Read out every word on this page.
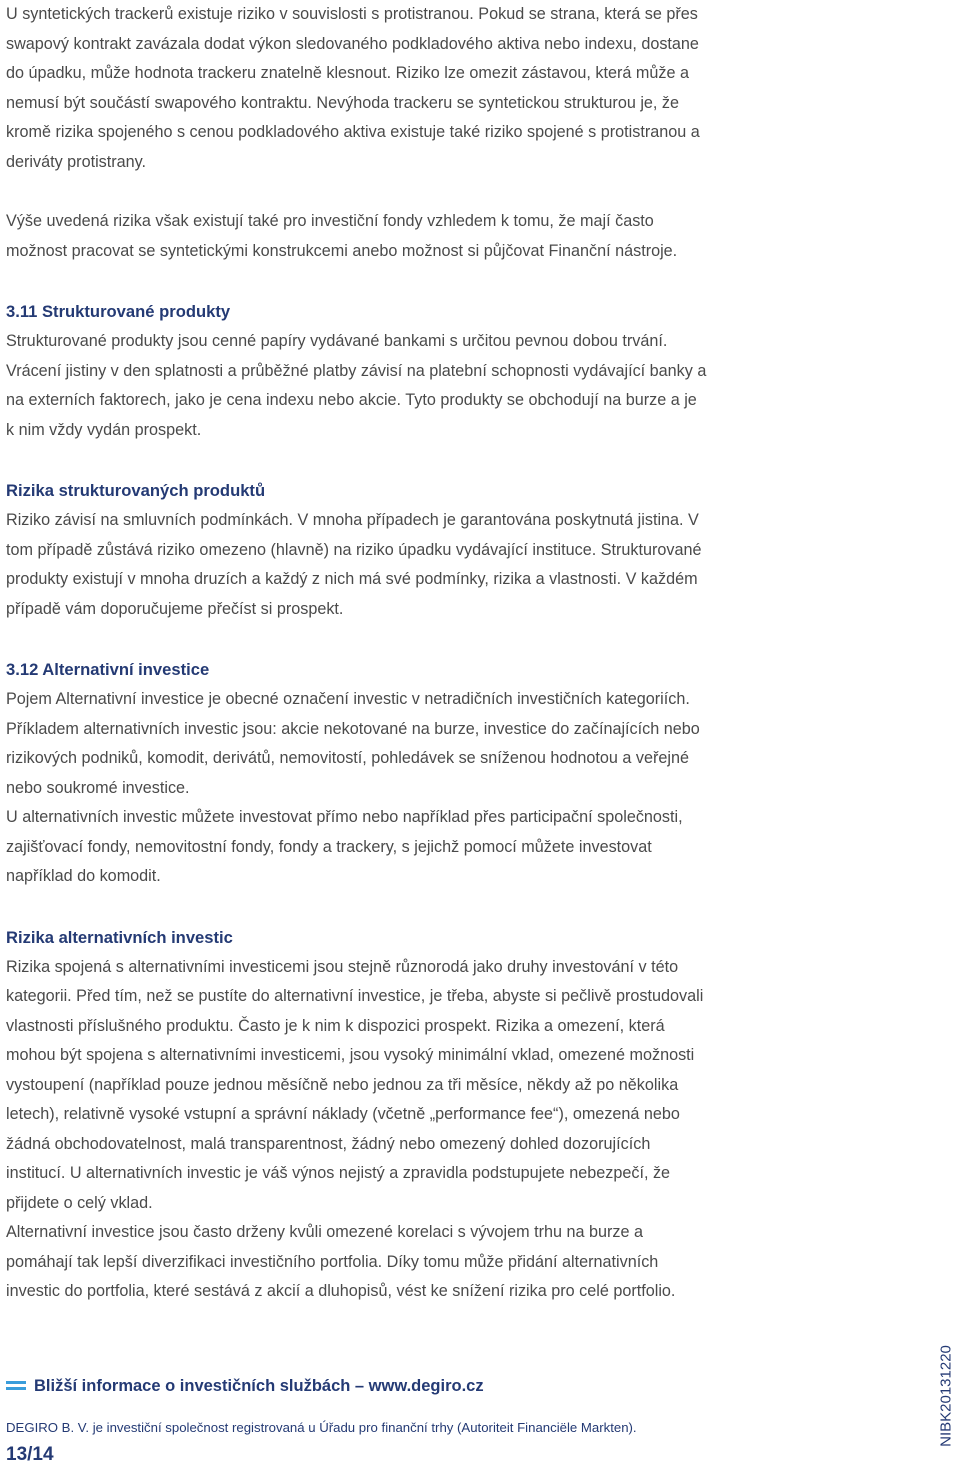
U syntetických trackerů existuje riziko v souvislosti s protistranou. Pokud se strana, která se přes
swapový kontrakt zavázala dodat výkon sledovaného podkladového aktiva nebo indexu, dostane
do úpadku, může hodnota trackeru znatelně klesnout. Riziko lze omezit zástavou, která může a
nemusí být součástí swapového kontraktu. Nevýhoda trackeru se syntetickou strukturou je, že
kromě rizika spojeného s cenou podkladového aktiva existuje také riziko spojené s protistranou a
deriváty protistrany.
Výše uvedená rizika však existují také pro investiční fondy vzhledem k tomu, že mají často
možnost pracovat se syntetickými konstrukcemi anebo možnost si půjčovat Finanční nástroje.
3.11 Strukturované produkty
Strukturované produkty jsou cenné papíry vydávané bankami s určitou pevnou dobou trvání.
Vrácení jistiny v den splatnosti a průběžné platby závisí na platební schopnosti vydávající banky a
na externích faktorech, jako je cena indexu nebo akcie. Tyto produkty se obchodují na burze a je
k nim vždy vydán prospekt.
Rizika strukturovaných produktů
Riziko závisí na smluvních podmínkách. V mnoha případech je garantována poskytnutá jistina. V
tom případě zůstává riziko omezeno (hlavně) na riziko úpadku vydávající instituce. Strukturované
produkty existují v mnoha druzích a každý z nich má své podmínky, rizika a vlastnosti. V každém
případě vám doporučujeme přečíst si prospekt.
3.12 Alternativní investice
Pojem Alternativní investice je obecné označení investic v netradičních investičních kategoriích.
Příkladem alternativních investic jsou: akcie nekotované na burze, investice do začínajících nebo
rizikových podniků, komodit, derivátů, nemovitostí, pohledávek se sníženou hodnotou a veřejné
nebo soukromé investice.
U alternativních investic můžete investovat přímo nebo například přes participační společnosti,
zajišťovací fondy, nemovitostní fondy, fondy a trackery, s jejichž pomocí můžete investovat
například do komodit.
Rizika alternativních investic
Rizika spojená s alternativními investicemi jsou stejně různorodá jako druhy investování v této
kategorii. Před tím, než se pustíte do alternativní investice, je třeba, abyste si pečlivě prostudovali
vlastnosti příslušného produktu. Často je k nim k dispozici prospekt. Rizika a omezení, která
mohou být spojena s alternativními investicemi, jsou vysoký minimální vklad, omezené možnosti
vystoupení (například pouze jednou měsíčně nebo jednou za tři měsíce, někdy až po několika
letech), relativně vysoké vstupní a správní náklady (včetně „performance fee“), omezená nebo
žádná obchodovatelnost, malá transparentnost, žádný nebo omezený dohled dozorujících
institucí. U alternativních investic je váš výnos nejistý a zpravidla podstupujete nebezpečí, že
přijdete o celý vklad.
Alternativní investice jsou často drženy kvůli omezené korelaci s vývojem trhu na burze a
pomáhají tak lepší diverzifikaci investičního portfolia. Díky tomu může přidání alternativních
investic do portfolia, které sestává z akcií a dluhopisů, vést ke snížení rizika pro celé portfolio.
Bližší informace o investičních službách – www.degiro.cz
DEGIRO B. V. je investiční společnost registrovaná u Úřadu pro finanční trhy (Autoriteit Financiële Markten).
13/14
NIBK20131220
